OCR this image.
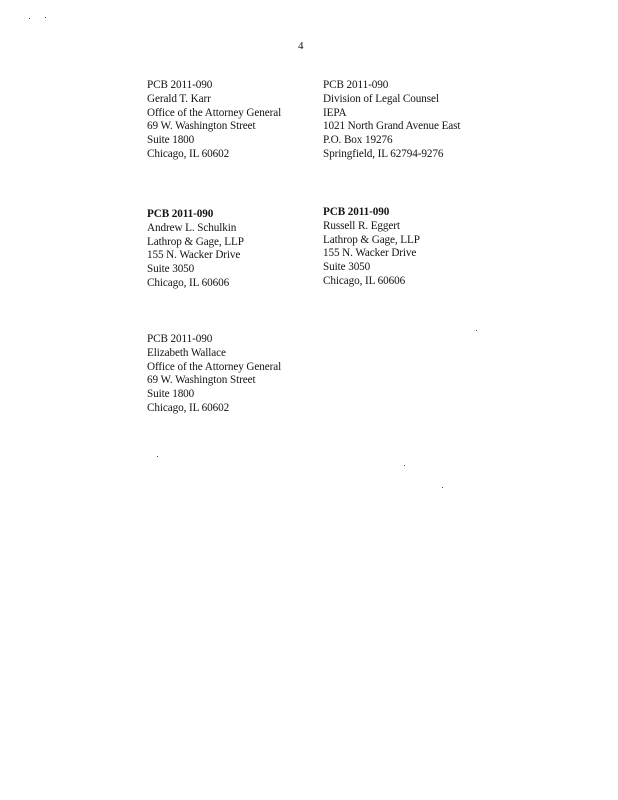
4
PCB 2011-090
Gerald T. Karr
Office of the Attorney General
69 W. Washington Street
Suite 1800
Chicago, IL 60602
PCB 2011-090
Division of Legal Counsel
IEPA
1021 North Grand Avenue East
P.O. Box 19276
Springfield, IL 62794-9276
PCB 2011-090
Andrew L. Schulkin
Lathrop & Gage, LLP
155 N. Wacker Drive
Suite 3050
Chicago, IL 60606
PCB 2011-090
Russell R. Eggert
Lathrop & Gage, LLP
155 N. Wacker Drive
Suite 3050
Chicago, IL 60606
PCB 2011-090
Elizabeth Wallace
Office of the Attorney General
69 W. Washington Street
Suite 1800
Chicago, IL 60602
